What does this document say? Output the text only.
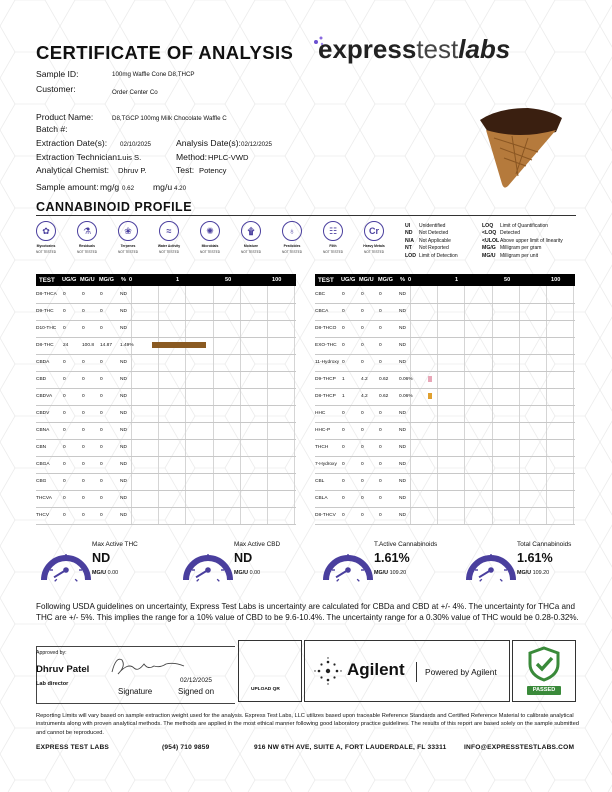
CERTIFICATE OF ANALYSIS expresstestlabs
Sample ID:	100mg Waffle Cone D8,THCP
Customer:	Order Center Co
Product Name:	D8,TGCP 100mg Milk Chocolate Waffle C
Batch #:
Extraction Date(s): 02/10/2025	Analysis Date(s): 02/12/2025
Extraction Technician:
Luis S.	Method: HPLC-VWD
Analytical Chemist: Dhruv P.	Test: Potency
Sample amount: mg/g 0.62 mg/u 4.20
CANNABINOID PROFILE
✿
Mycotoxins
NOT TESTED
⚗
Residuals
NOT TESTED
❀
Terpenes
NOT TESTED
≈
Water Activity
NOT TESTED
✺
Microbials
NOT TESTED
۩
Moisture
NOT TESTED
♁
Pesticides
NOT TESTED
☷
Filth
NOT TESTED
Cr
Heavy Metals
NOT TESTED
UI Unidentified
ND Not Detected
N/A Not Applicable
NT Not Reported
LOD Limit of Detection
LOQ Limit of Quantification
<LOQ Detected
<ULOLAbove upper limit of linearity
MG/G Milligram per gram
MG/U Milligram per unit
TEST UG/G MG/U MG/G % 0	1	50	100
D8-THCA 0	0	0	ND
D9-THC 0	0	0	ND
D10-THC 0	0	0	ND
D8-THC 24	100.8 14.87 1.49%
CBDA	0	0	0	ND
CBD	0	0	0	ND
CBDVA 0	0	0	ND
CBDV	0	0	0	ND
CBNA	0	0	0	ND
CBN	0	0	0	ND
CBGA	0	0	0	ND
CBG	0	0	0	ND
THCVA 0	0	0	ND
THCV	0	0	0	ND
TEST UG/G MG/U MG/G % 0	1	50	100
CBC	0	0	0	ND
CBCA	0	0	0	ND
D8-THCO 0	0	0	ND
EXO-THC 0	0	0	ND
11-Hydroxy 0	0	0	ND
D9-THCP 1	4.2 0.62 0.06%
D8-THCP 1	4.2 0.62 0.06%
HHC	0	0	0	ND
HHC-P 0	0	0	ND
THCH	0	0	0	ND
7-Hydroxy 0	0	0	ND
CBL	0	0	0	ND
CBLA	0	0	0	ND
D8-THCV 0	0	0	ND
Max Active THC
ND
MG/U 0.00
Max Active CBD
ND
MG/U 0.00
T.Active Cannabinoids
1.61%
MG/U 109.20
Total Cannabinoids
1.61%
MG/U 109.20
Following USDA guidelines on uncertainty, Express Test Labs is uncertainty are calculated for CBDa and CBD at +/- 4%. The uncertainty for THCa and THC are +/- 5%. This implies the range for a 10% value of CBD to be 9.6-10.4%. The uncertainty range for a 0.30% value of THC would be 0.28-0.32%.
Approved by:
Dhruv Patel
Lab director
Signature
02/12/2025
Signed on	UPLOAD QR
Agilent Powered by Agilent
PASSED
Reporting Limits will vary based on sample extraction weight used for the analysis. Express Test Labs, LLC utilizes based upon traceable Reference Standards and Certified Reference Material to calibrate analytical instruments along with proven analytical methods. The methods are applied in the most ethical manner following good laboratory practice guidelines. The results of this report are based solely on the sample submitted and cannot be reproduced.
EXPRESS TEST LABS	(954) 710 9859	916 NW 6TH AVE, SUITE A, FORT LAUDERDALE, FL 33311	INFO@EXPRESSTESTLABS.COM
